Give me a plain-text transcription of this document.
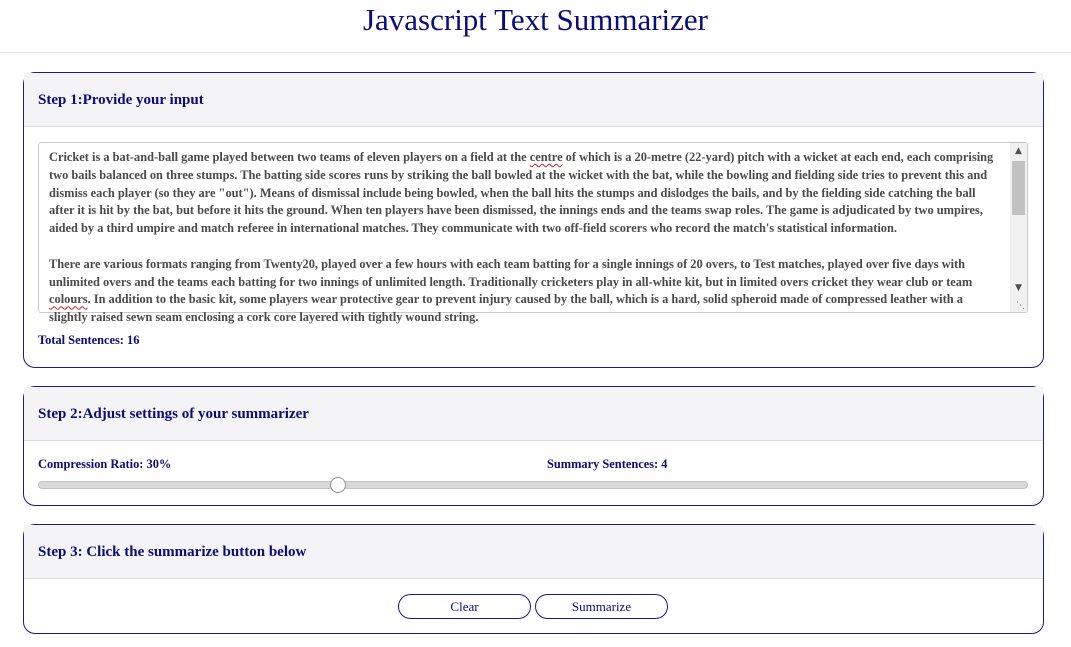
Javascript Text Summarizer
Step 1:Provide your input

Cricket is a bat-and-ball game played between two teams of eleven players on a field at the centre of which is a 20-metre (22-yard) pitch with a wicket at each end, each comprising two bails balanced on three stumps. The batting side scores runs by striking the ball bowled at the wicket with the bat, while the bowling and fielding side tries to prevent this and dismiss each player (so they are "out"). Means of dismissal include being bowled, when the ball hits the stumps and dislodges the bails, and by the fielding side catching the ball after it is hit by the bat, but before it hits the ground. When ten players have been dismissed, the innings ends and the teams swap roles. The game is adjudicated by two umpires, aided by a third umpire and match referee in international matches. They communicate with two off-field scorers who record the match's statistical information.

There are various formats ranging from Twenty20, played over a few hours with each team batting for a single innings of 20 overs, to Test matches, played over five days with unlimited overs and the teams each batting for two innings of unlimited length. Traditionally cricketers play in all-white kit, but in limited overs cricket they wear club or team colours. In addition to the basic kit, some players wear protective gear to prevent injury caused by the ball, which is a hard, solid spheroid made of compressed leather with a slightly raised sewn seam enclosing a cork core layered with tightly wound string.

▲
▼
⋱
Total Sentences: 16
Step 2:Adjust settings of your summarizer
Compression Ratio: 30%	Summary Sentences: 4
Step 3: Click the summarize button below
Clear	Summarize
